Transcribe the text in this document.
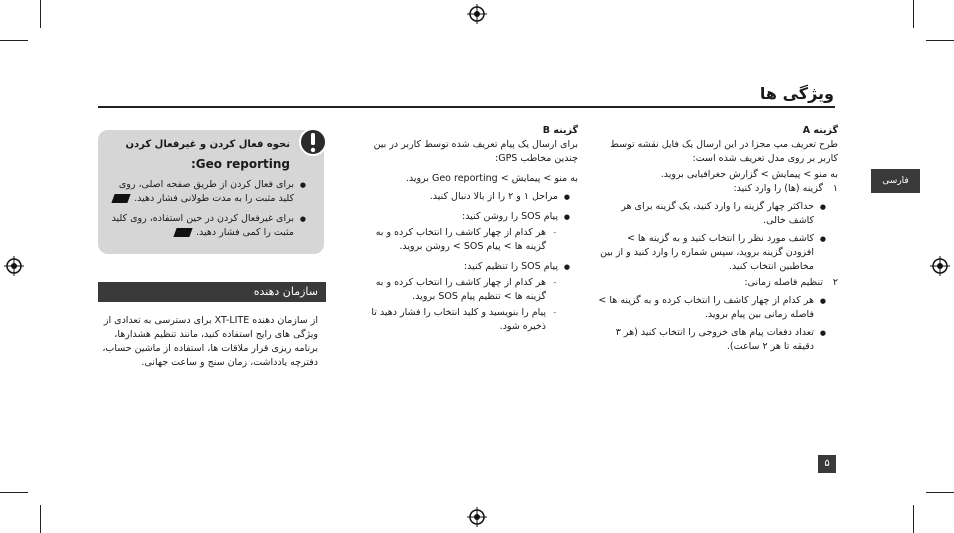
ویژگی ها
فارسی
۵
گزینه A
طرح تعریف مپ مجزا در این ارسال یک فایل نقشه توسط کاربر بر روی مدل تعریف شده است:
به منو > پیمایش > گزارش جغرافیایی بروید.
۱ گزینه (ها) را وارد کنید:
● حداکثر چهار گزینه را وارد کنید، یک گزینه برای هر کاشف خالی.
● کاشف مورد نظر را انتخاب کنید و به گزینه ها > افزودن گزینه بروید، سپس شماره را وارد کنید و از بین مخاطبین انتخاب کنید.
۲ تنظیم فاصله زمانی:
● هر کدام از چهار کاشف را انتخاب کرده و به گزینه ها > فاصله زمانی بین پیام بروید.
● تعداد دفعات پیام های خروجی را انتخاب کنید (هر ۳ دقیقه تا هر ۲ ساعت).
گزینه B
برای ارسال یک پیام تعریف شده توسط کاربر در بین چندین مخاطب GPS:
به منو > پیمایش > Geo reporting بروید.
● مراحل ۱ و ۲ را از بالا دنبال کنید.
● پیام SOS را روشن کنید:
- هر کدام از چهار کاشف را انتخاب کرده و به گزینه ها > پیام SOS > روشن بروید.
● پیام SOS را تنظیم کنید:
- هر کدام از چهار کاشف را انتخاب کرده و به گزینه ها > تنظیم پیام SOS بروید.
- پیام را بنویسید و کلید انتخاب را فشار دهید تا ذخیره شود.
نحوه فعال کردن و غیرفعال کردن
:Geo reporting
● برای فعال کردن از طریق صفحه اصلی، روی کلید مثبت را به مدت طولانی فشار دهید.
● برای غیرفعال کردن در حین استفاده، روی کلید مثبت را کمی فشار دهید.
سازمان دهنده
از سازمان دهنده XT-LITE برای دسترسی به تعدادی از ویژگی های رایج استفاده کنید، مانند تنظیم هشدارها، برنامه ریزی قرار ملاقات ها، استفاده از ماشین حساب، دفترچه یادداشت، زمان سنج و ساعت جهانی.
